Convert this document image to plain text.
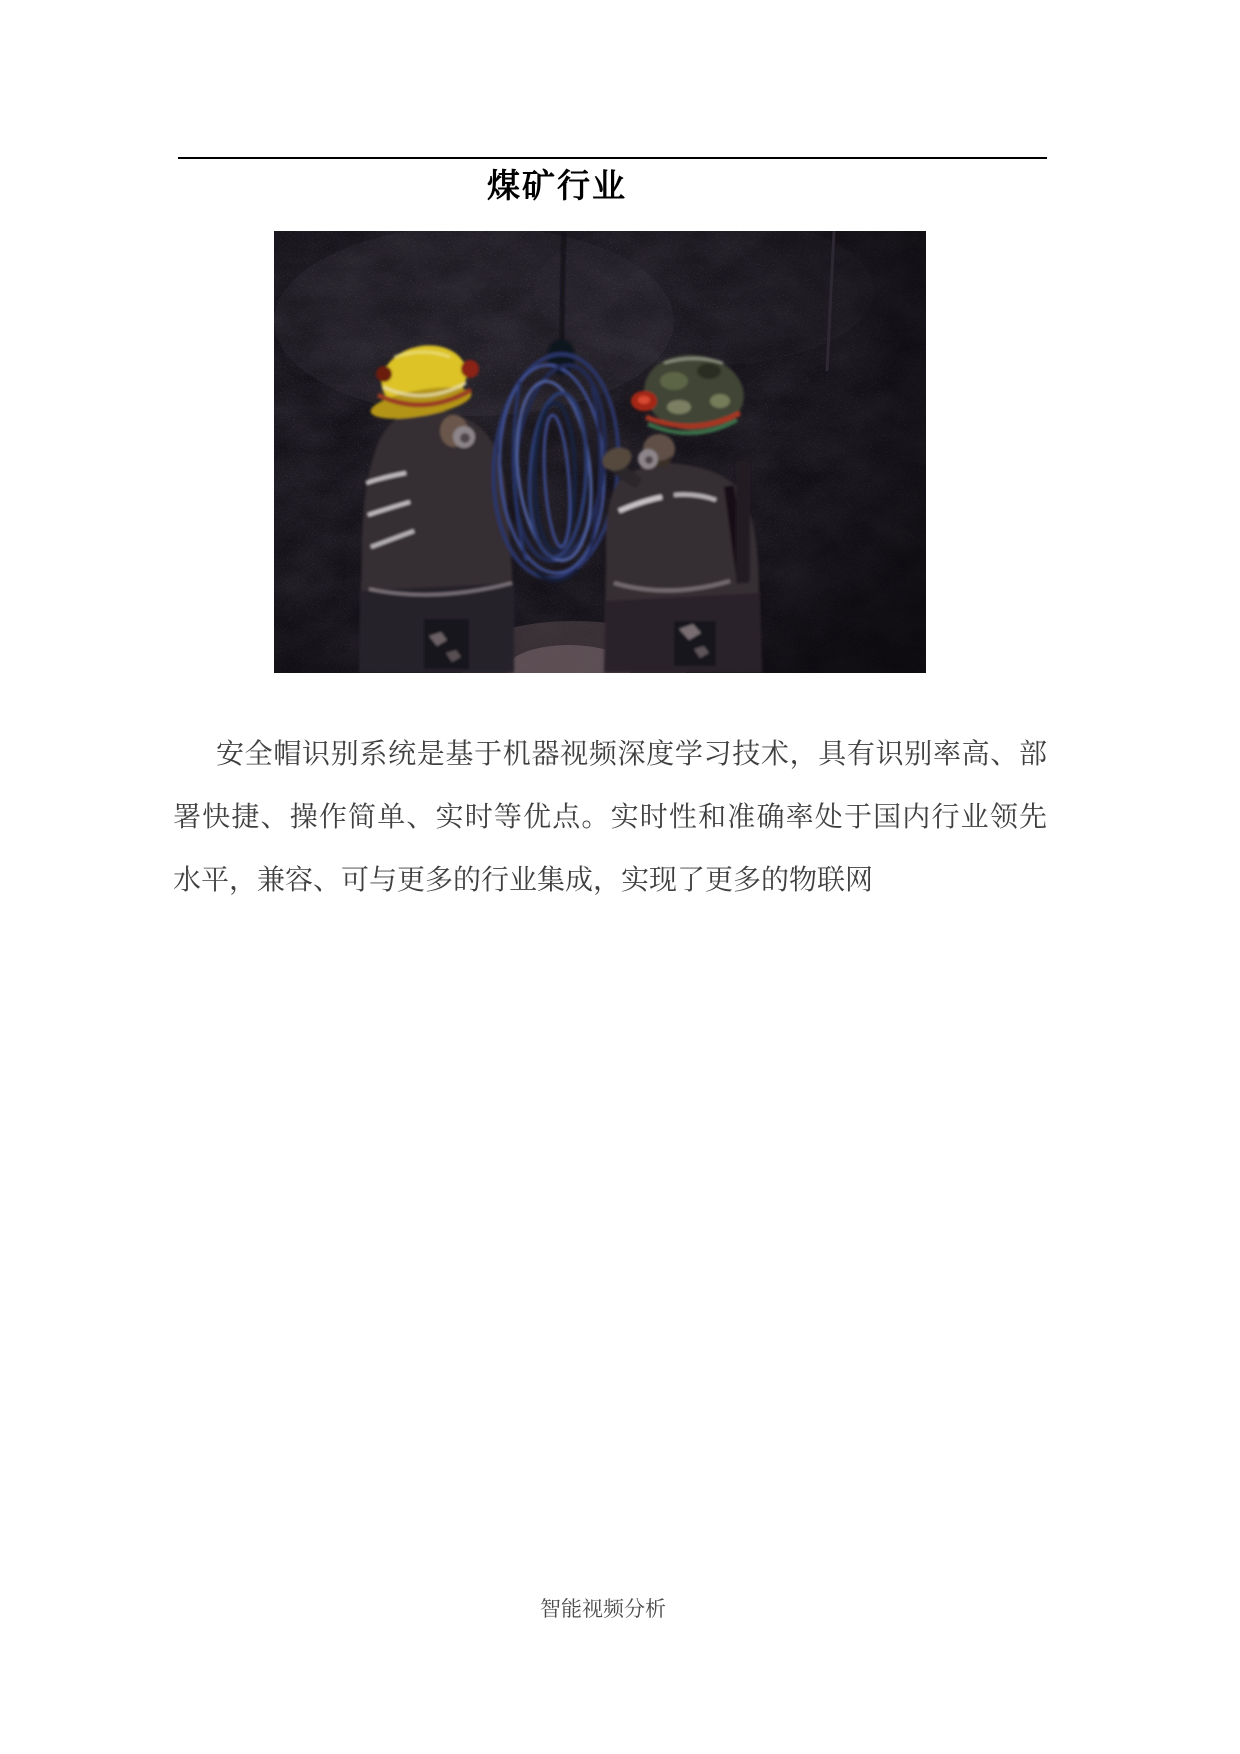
煤矿行业
安全帽识别系统是基于机器视频深度学习技术，具有识别率高、部
署快捷、操作简单、实时等优点。实时性和准确率处于国内行业领先
水平，兼容、可与更多的行业集成，实现了更多的物联网
智能视频分析
